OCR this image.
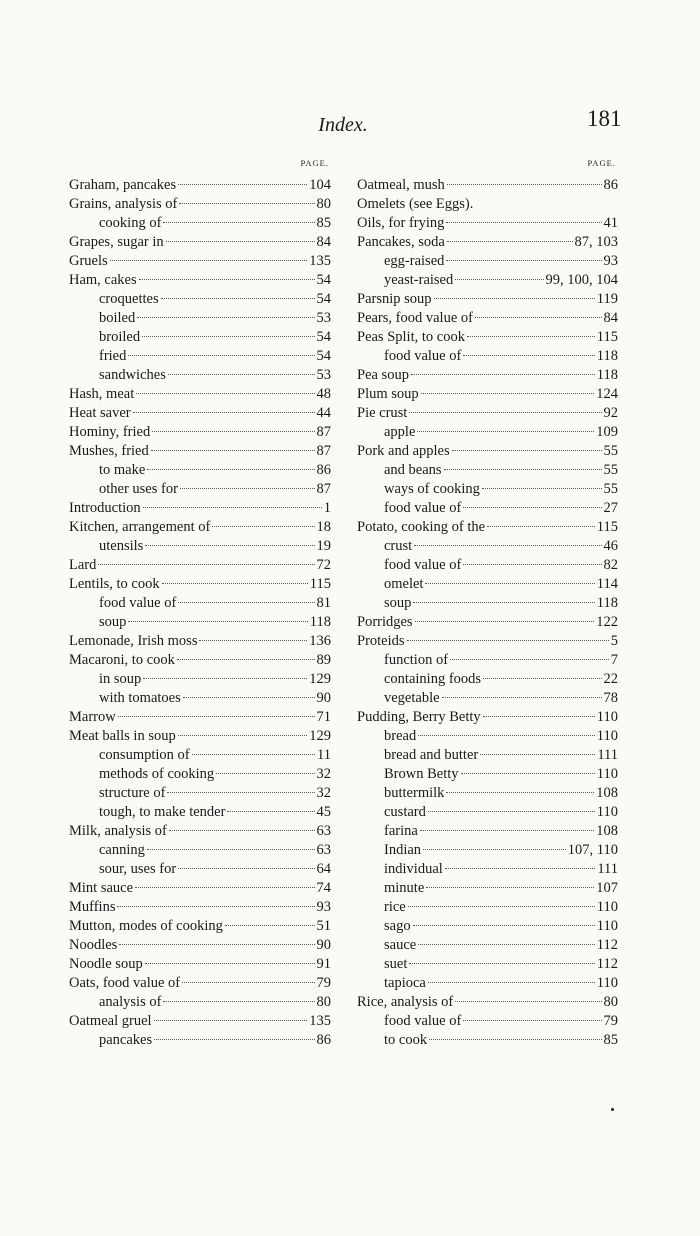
Index.	181
PAGE.
Graham, pancakes	104
Grains, analysis of	80
cooking of	85
Grapes, sugar in	84
Gruels	135
Ham, cakes	54
croquettes	54
boiled	53
broiled	54
fried	54
sandwiches	53
Hash, meat	48
Heat saver	44
Hominy, fried	87
Mushes, fried	87
to make	86
other uses for	87
Introduction	1
Kitchen, arrangement of	18
utensils	19
Lard	72
Lentils, to cook	115
food value of	81
soup	118
Lemonade, Irish moss	136
Macaroni, to cook	89
in soup	129
with tomatoes	90
Marrow	71
Meat balls in soup	129
consumption of	11
methods of cooking	32
structure of	32
tough, to make tender	45
Milk, analysis of	63
canning	63
sour, uses for	64
Mint sauce	74
Muffins	93
Mutton, modes of cooking	51
Noodles	90
Noodle soup	91
Oats, food value of	79
analysis of	80
Oatmeal gruel	135
pancakes	86
PAGE.
Oatmeal, mush	86
Omelets (see Eggs).
Oils, for frying	41
Pancakes, soda	87, 103
egg-raised	93
yeast-raised	99, 100, 104
Parsnip soup	119
Pears, food value of	84
Peas Split, to cook	115
food value of	118
Pea soup	118
Plum soup	124
Pie crust	92
apple	109
Pork and apples	55
and beans	55
ways of cooking	55
food value of	27
Potato, cooking of the	115
crust	46
food value of	82
omelet	114
soup	118
Porridges	122
Proteids	5
function of	7
containing foods	22
vegetable	78
Pudding, Berry Betty	110
bread	110
bread and butter	111
Brown Betty	110
buttermilk	108
custard	110
farina	108
Indian	107, 110
individual	111
minute	107
rice	110
sago	110
sauce	112
suet	112
tapioca	110
Rice, analysis of	80
food value of	79
to cook	85
